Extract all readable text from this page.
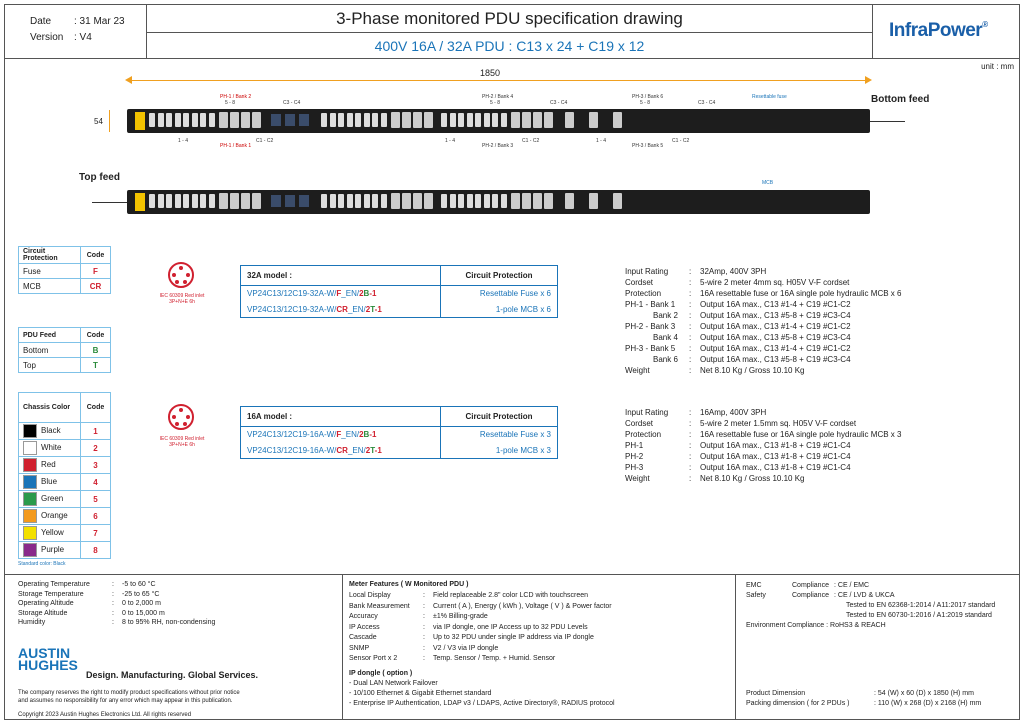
Date : 31 Mar 23
Version : V4
3-Phase monitored PDU specification drawing
400V 16A / 32A PDU : C13 x 24 + C19 x 12
InfraPower®
unit : mm
1850
54
PH-1 / Bank 2
5 - 8	C3 - C4
PH-2 / Bank 4
5 - 8	C3 - C4
PH-3 / Bank 6
5 - 8	C3 - C4
Resettable fuse	Bottom feed
1 - 4
PH-1 / Bank 1
C1 - C2	1 - 4
PH-2 / Bank 3
C1 - C2	1 - 4
PH-3 / Bank 5
C1 - C2
Top feed	MCB
Circuit Protection	Code
Fuse	F
MCB	CR
PDU Feed	Code
Bottom	B
Top	T
Chassis Color	Code
Black	1
White	2
Red	3
Blue	4
Green	5
Orange	6
Yellow	7
Purple	8
Standard color: Black
IEC 60309 Red inlet
3P+N+E 6h
IEC 60309 Red inlet
3P+N+E 6h
32A model :	Circuit Protection
VP24C13/12C19-32A-W/F_EN/2B-1	Resettable Fuse x 6
VP24C13/12C19-32A-W/CR_EN/2T-1	1-pole MCB x 6
16A model :	Circuit Protection
VP24C13/12C19-16A-W/F_EN/2B-1	Resettable Fuse x 3
VP24C13/12C19-16A-W/CR_EN/2T-1	1-pole MCB x 3
Input Rating	: 32Amp, 400V 3PH
Cordset	: 5-wire 2 meter 4mm sq. H05V V-F cordset
Protection	: 16A resettable fuse or 16A single pole hydraulic MCB x 6
PH-1 - Bank 1	: Output 16A max., C13 #1-4 + C19 #C1-C2
Bank 2	: Output 16A max., C13 #5-8 + C19 #C3-C4
PH-2 - Bank 3	: Output 16A max., C13 #1-4 + C19 #C1-C2
Bank 4	: Output 16A max., C13 #5-8 + C19 #C3-C4
PH-3 - Bank 5	: Output 16A max., C13 #1-4 + C19 #C1-C2
Bank 6	: Output 16A max., C13 #5-8 + C19 #C3-C4
Weight	: Net 8.10 Kg / Gross 10.10 Kg
Input Rating	: 16Amp, 400V 3PH
Cordset	: 5-wire 2 meter 1.5mm sq. H05V V-F cordset
Protection	: 16A resettable fuse or 16A single pole hydraulic MCB x 3
PH-1	: Output 16A max., C13 #1-8 + C19 #C1-C4
PH-2	: Output 16A max., C13 #1-8 + C19 #C1-C4
PH-3	: Output 16A max., C13 #1-8 + C19 #C1-C4
Weight	: Net 8.10 Kg / Gross 10.10 Kg
Operating Temperature	: -5 to 60 °C
Storage Temperature	: -25 to 65 °C
Operating Altitude	: 0 to 2,000 m
Storage Altitude	: 0 to 15,000 m
Humidity	: 8 to 95% RH, non-condensing
AUSTIN
HUGHES
Design. Manufacturing. Global Services.
The company reserves the right to modify product specifications without prior notice
and assumes no responsibility for any error which may appear in this publication.
Copyright 2023 Austin Hughes Electronics Ltd. All rights reserved
Meter Features ( W Monitored PDU )
Local Display	: Field replaceable 2.8" color LCD with touchscreen
Bank Measurement : Current ( A ), Energy ( kWh ), Voltage ( V ) & Power factor
Accuracy	: ±1% Billing-grade
IP Access	: via IP dongle, one IP Access up to 32 PDU Levels
Cascade	: Up to 32 PDU under single IP address via IP dongle
SNMP	: V2 / V3 via IP dongle
Sensor Port x 2	: Temp. Sensor / Temp. + Humid. Sensor
IP dongle ( option )
- Dual LAN Network Failover
- 10/100 Ethernet & Gigabit Ethernet standard
- Enterprise IP Authentication, LDAP v3 / LDAPS, Active Directory®, RADIUS protocol
EMC	Compliance : CE / EMC
Safety	Compliance : CE / LVD & UKCA
Tested to EN 62368-1:2014 / A11:2017 standard
Tested to EN 60730-1:2016 / A1:2019 standard
Environment Compliance : RoHS3 & REACH
Product Dimension	: 54 (W) x 60 (D) x 1850 (H) mm
Packing dimension ( for 2 PDUs )	: 110 (W) x 268 (D) x 2168 (H) mm
